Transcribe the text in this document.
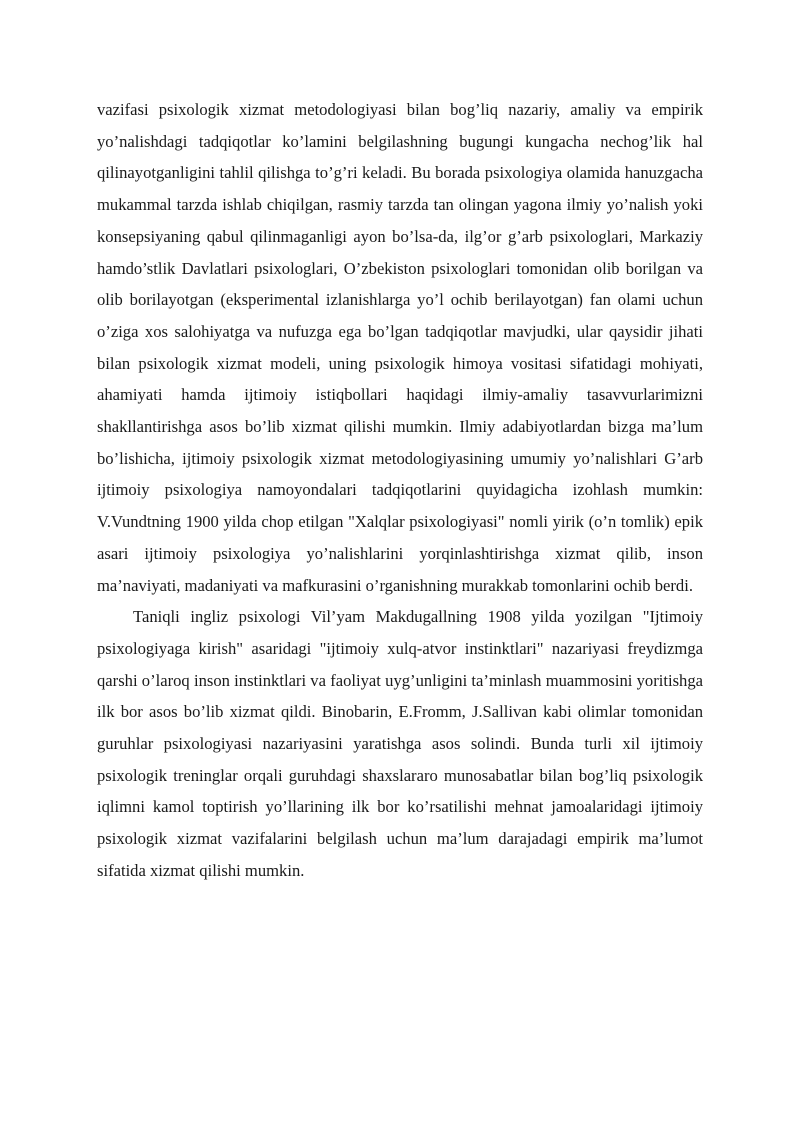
vazifasi psixologik xizmat metodologiyasi bilan bog’liq nazariy, amaliy va empirik yo’nalishdagi tadqiqotlar ko’lamini belgilashning bugungi kungacha nechog’lik hal qilinayotganligini tahlil qilishga to’g’ri keladi. Bu borada psixologiya olamida hanuzgacha mukammal tarzda ishlab chiqilgan, rasmiy tarzda tan olingan yagona ilmiy yo’nalish yoki konsepsiyaning qabul qilinmaganligi ayon bo’lsa-da, ilg’or g’arb psixologlari, Markaziy hamdo’stlik Davlatlari psixologlari, O’zbekiston psixologlari tomonidan olib borilgan va olib borilayotgan (eksperimental izlanishlarga yo’l ochib berilayotgan) fan olami uchun o’ziga xos salohiyatga va nufuzga ega bo’lgan tadqiqotlar mavjudki, ular qaysidir jihati bilan psixologik xizmat modeli, uning psixologik himoya vositasi sifatidagi mohiyati, ahamiyati hamda ijtimoiy istiqbollari haqidagi ilmiy-amaliy tasavvurlarimizni shakllantirishga asos bo’lib xizmat qilishi mumkin. Ilmiy adabiyotlardan bizga ma’lum bo’lishicha, ijtimoiy psixologik xizmat metodologiyasining umumiy yo’nalishlari G’arb ijtimoiy psixologiya namoyondalari tadqiqotlarini quyidagicha izohlash mumkin: V.Vundtning 1900 yilda chop etilgan "Xalqlar psixologiyasi" nomli yirik (o’n tomlik) epik asari ijtimoiy psixologiya yo’nalishlarini yorqinlashtirishga xizmat qilib, inson ma’naviyati, madaniyati va mafkurasini o’rganishning murakkab tomonlarini ochib berdi.

Taniqli ingliz psixologi Vil’yam Makdugallning 1908 yilda yozilgan "Ijtimoiy psixologiyaga kirish" asaridagi "ijtimoiy xulq-atvor instinktlari" nazariyasi freydizmga qarshi o’laroq inson instinktlari va faoliyat uyg’unligini ta’minlash muammosini yoritishga ilk bor asos bo’lib xizmat qildi. Binobarin, E.Fromm, J.Sallivan kabi olimlar tomonidan guruhlar psixologiyasi nazariyasini yaratishga asos solindi. Bunda turli xil ijtimoiy psixologik treninglar orqali guruhdagi shaxslararo munosabatlar bilan bog’liq psixologik iqlimni kamol toptirish yo’llarining ilk bor ko’rsatilishi mehnat jamoalaridagi ijtimoiy psixologik xizmat vazifalarini belgilash uchun ma’lum darajadagi empirik ma’lumot sifatida xizmat qilishi mumkin.
